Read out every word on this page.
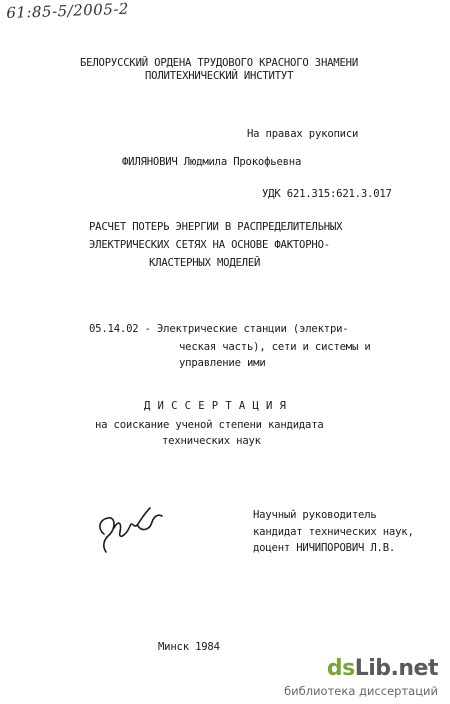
61:85-5/2005-2
БЕЛОРУССКИЙ ОРДЕНА ТРУДОВОГО КРАСНОГО ЗНАМЕНИ
ПОЛИТЕХНИЧЕСКИЙ ИНСТИТУТ
На правах рукописи
ФИЛЯНОВИЧ Людмила Прокофьевна
УДК 621.315:621.3.017
РАСЧЕТ ПОТЕРЬ ЭНЕРГИИ В РАСПРЕДЕЛИТЕЛЬНЫХ
ЭЛЕКТРИЧЕСКИХ СЕТЯХ НА ОСНОВЕ ФАКТОРНО-
КЛАСТЕРНЫХ МОДЕЛЕЙ
05.14.02 - Электрические станции (электри-
ческая часть), сети и системы и
управление ими
Д И С С Е Р Т А Ц И Я
на соискание ученой степени кандидата
технических наук
Научный руководитель
кандидат технических наук,
доцент НИЧИПОРОВИЧ Л.В.
Минск 1984
dsLib.net
библиотека диссертаций
